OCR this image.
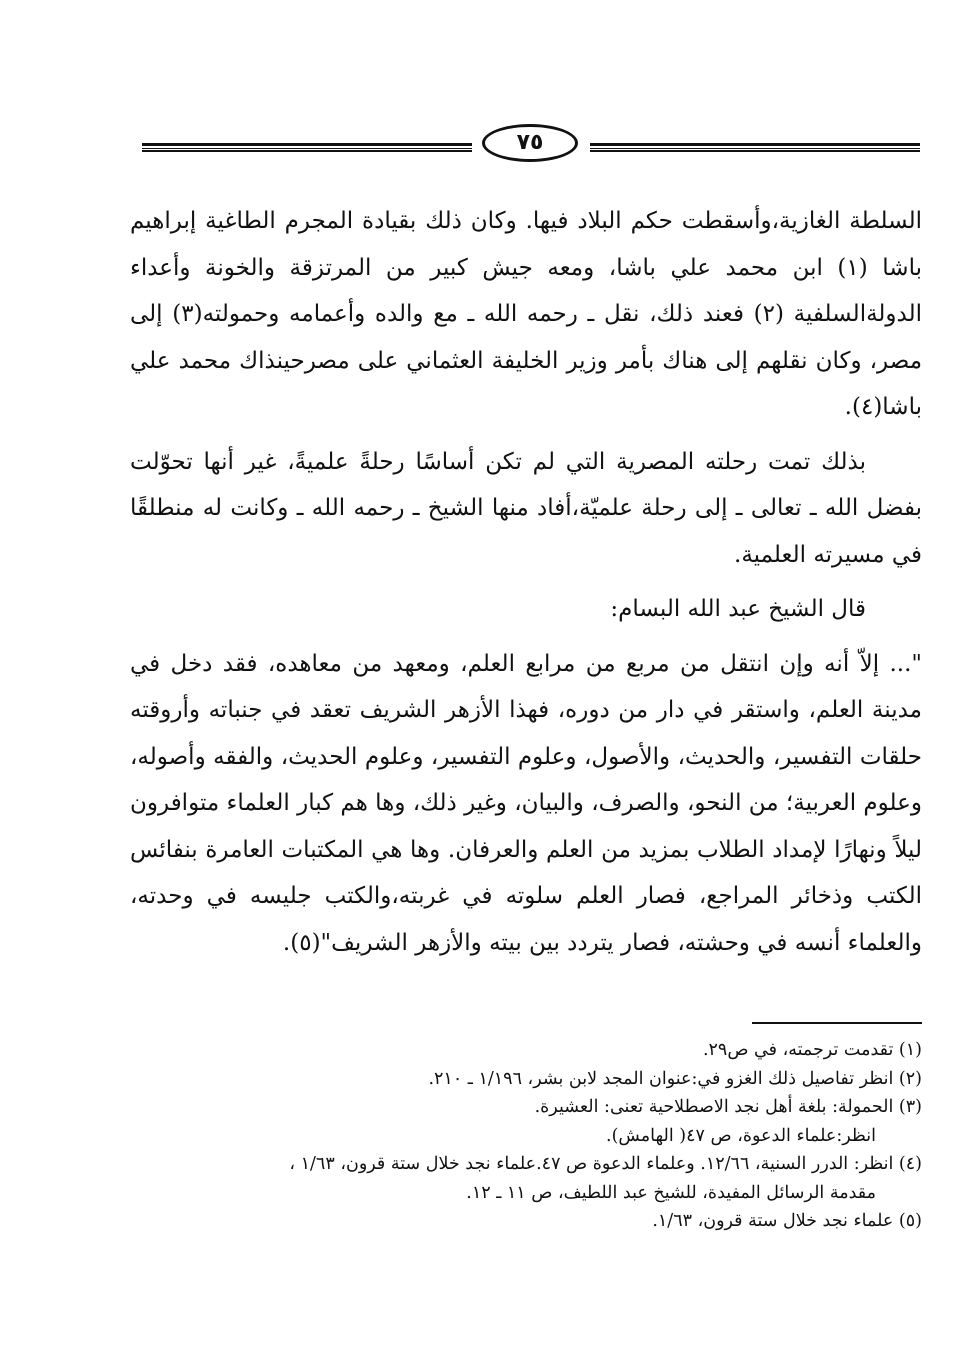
٧٥

السلطة الغازية،وأسقطت حكم البلاد فيها. وكان ذلك بقيادة المجرم الطاغية إبراهيم باشا (١) ابن محمد علي باشا، ومعه جيش كبير من المرتزقة والخونة وأعداء الدولةالسلفية (٢) فعند ذلك، نقل ـ رحمه الله ـ مع والده وأعمامه وحمولته(٣) إلى مصر، وكان نقلهم إلى هناك بأمر وزير الخليفة العثماني على مصرحينذاك محمد علي باشا(٤).

بذلك تمت رحلته المصرية التي لم تكن أساسًا رحلةً علميةً، غير أنها تحوّلت بفضل الله ـ تعالى ـ إلى رحلة علميّة،أفاد منها الشيخ ـ رحمه الله ـ وكانت له منطلقًا في مسيرته العلمية.

قال الشيخ عبد الله البسام:

"... إلاّ أنه وإن انتقل من مربع من مرابع العلم، ومعهد من معاهده، فقد دخل في مدينة العلم، واستقر في دار من دوره، فهذا الأزهر الشريف تعقد في جنباته وأروقته حلقات التفسير، والحديث، والأصول، وعلوم التفسير، وعلوم الحديث، والفقه وأصوله، وعلوم العربية؛ من النحو، والصرف، والبيان، وغير ذلك، وها هم كبار العلماء متوافرون ليلاً ونهارًا لإمداد الطلاب بمزيد من العلم والعرفان. وها هي المكتبات العامرة بنفائس الكتب وذخائر المراجع، فصار العلم سلوته في غربته،والكتب جليسه في وحدته، والعلماء أنسه في وحشته، فصار يتردد بين بيته والأزهر الشريف"(٥).

(١) تقدمت ترجمته، في ص٢٩.

(٢) انظر تفاصيل ذلك الغزو في:عنوان المجد لابن بشر، ١/١٩٦ ـ ٢١٠.

(٣) الحمولة: بلغة أهل نجد الاصطلاحية تعنى: العشيرة.

انظر:علماء الدعوة، ص ٤٧( الهامش).

(٤) انظر: الدرر السنية، ١٢/٦٦. وعلماء الدعوة ص ٤٧.علماء نجد خلال ستة قرون، ١/٦٣ ،

مقدمة الرسائل المفيدة، للشيخ عبد اللطيف، ص ١١ ـ ١٢.

(٥) علماء نجد خلال ستة قرون، ١/٦٣.
